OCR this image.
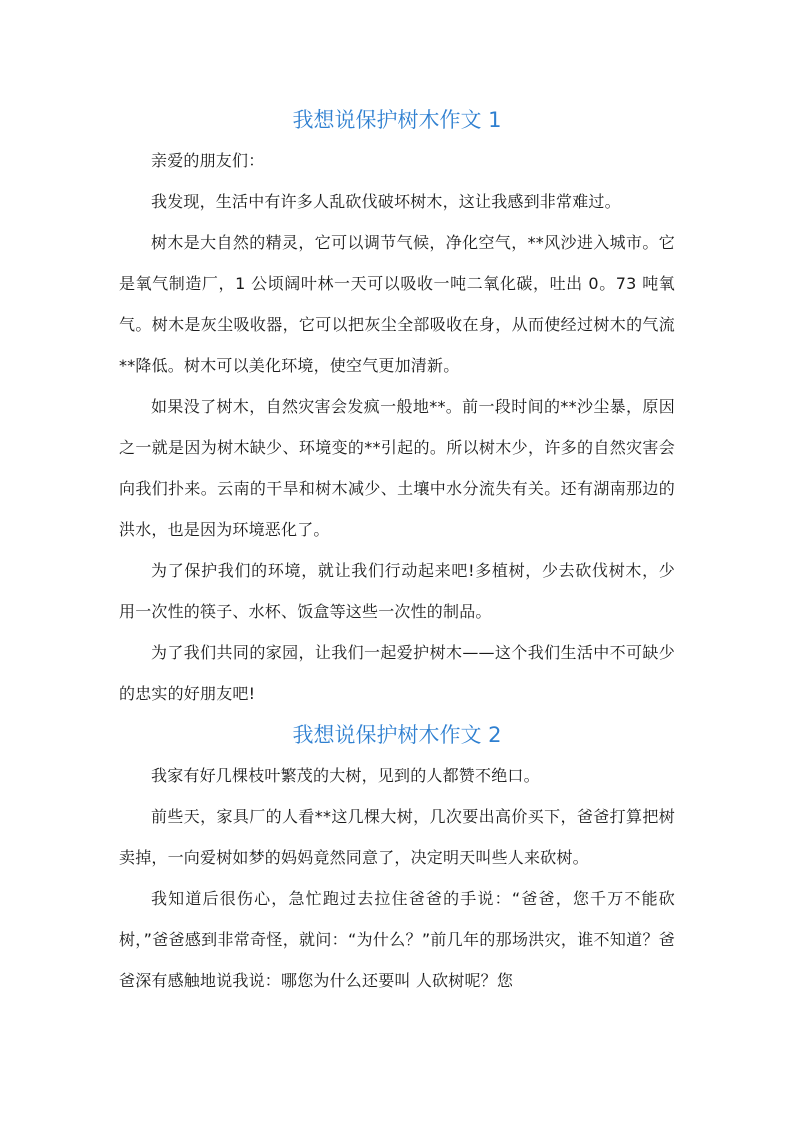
我想说保护树木作文 1

亲爱的朋友们：

我发现，生活中有许多人乱砍伐破坏树木，这让我感到非常难过。

树木是大自然的精灵，它可以调节气候，净化空气，**风沙进入城市。它是氧气制造厂，1 公顷阔叶林一天可以吸收一吨二氧化碳，吐出 0。73 吨氧气。树木是灰尘吸收器，它可以把灰尘全部吸收在身，从而使经过树木的气流**降低。树木可以美化环境，使空气更加清新。

如果没了树木，自然灾害会发疯一般地**。前一段时间的**沙尘暴，原因之一就是因为树木缺少、环境变的**引起的。所以树木少，许多的自然灾害会向我们扑来。云南的干旱和树木减少、土壤中水分流失有关。还有湖南那边的洪水，也是因为环境恶化了。

为了保护我们的环境，就让我们行动起来吧!多植树，少去砍伐树木，少用一次性的筷子、水杯、饭盒等这些一次性的制品。

为了我们共同的家园，让我们一起爱护树木——这个我们生活中不可缺少的忠实的好朋友吧!

我想说保护树木作文 2

我家有好几棵枝叶繁茂的大树，见到的人都赞不绝口。

前些天，家具厂的人看**这几棵大树，几次要出高价买下，爸爸打算把树卖掉，一向爱树如梦的妈妈竟然同意了，决定明天叫些人来砍树。

我知道后很伤心，急忙跑过去拉住爸爸的手说：“爸爸，您千万不能砍树，”爸爸感到非常奇怪，就问：“为什么？”前几年的那场洪灾，谁不知道？爸爸深有感触地说我说：哪您为什么还要叫 人砍树呢？您
